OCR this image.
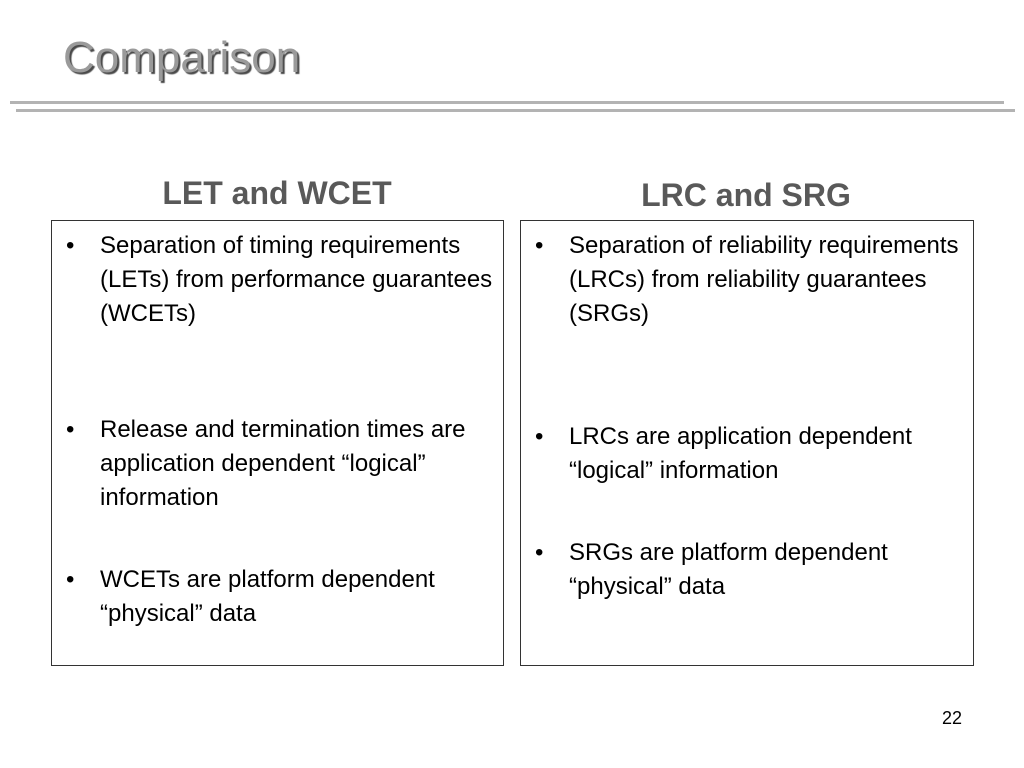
Comparison
LET and WCET	LRC and SRG
•	Separation of timing requirements (LETs) from performance guarantees (WCETs)
•	Release and termination times are application dependent “logical” information
•	WCETs are platform dependent “physical” data
•	Separation of reliability requirements (LRCs) from reliability guarantees (SRGs)
•	LRCs are application dependent “logical” information
•	SRGs are platform dependent “physical” data
22
